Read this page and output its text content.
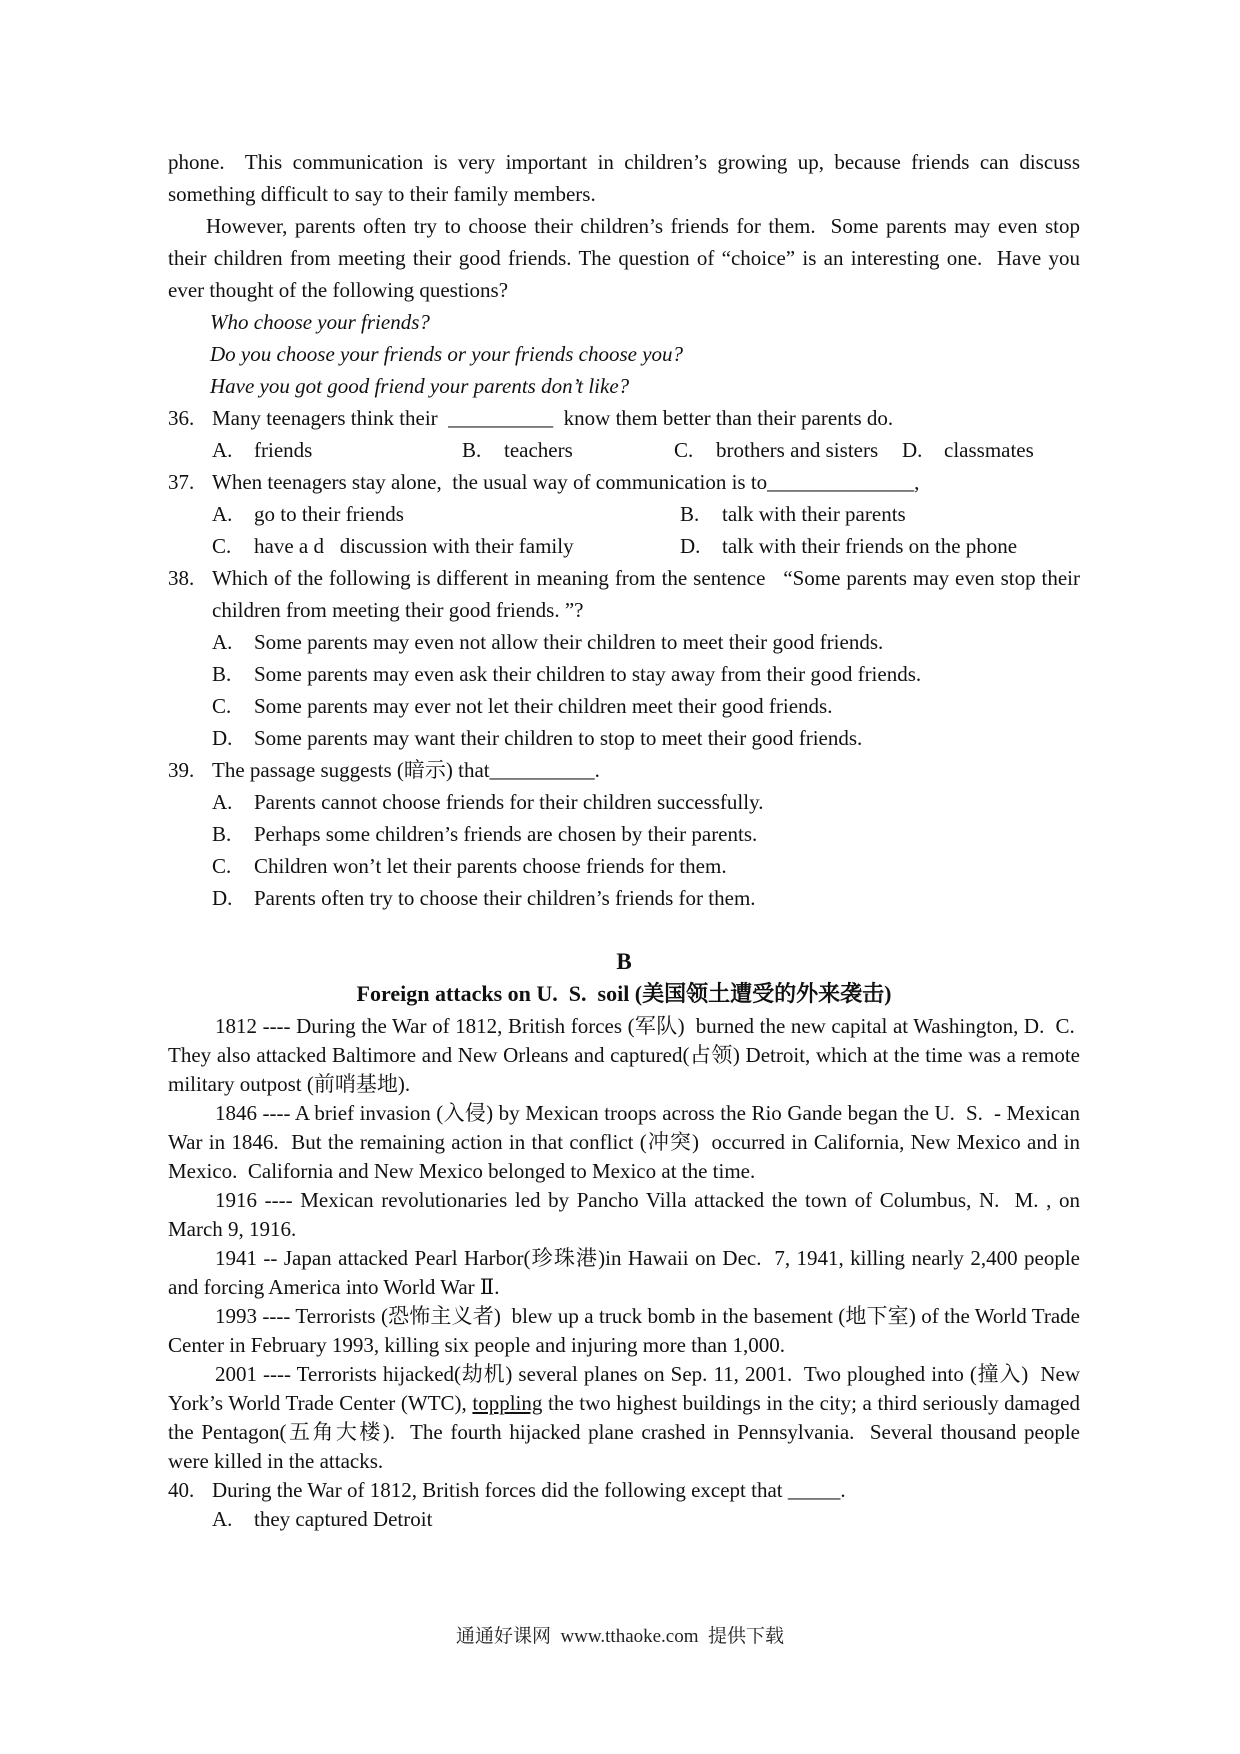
phone.  This communication is very important in children’s growing up, because friends can discuss something difficult to say to their family members.

However, parents often try to choose their children’s friends for them.  Some parents may even stop their children from meeting their good friends. The question of “choice” is an interesting one.  Have you ever thought of the following questions?

Who choose your friends?
Do you choose your friends or your friends choose you?
Have you got good friend your parents don’t like?
36. Many teenagers think their  __________  know them better than their parents do.
A. friends	B. teachers	C. brothers and sisters	D. classmates
37. When teenagers stay alone,  the usual way of communication is to______________,
A. go to their friends	B. talk with their parents
C. have a d   discussion with their family	D. talk with their friends on the phone
38. Which of the following is different in meaning from the sentence   “Some parents may even stop their children from meeting their good friends. ”?
A.	Some parents may even not allow their children to meet their good friends.
B.	Some parents may even ask their children to stay away from their good friends.
C.	Some parents may ever not let their children meet their good friends.
D.	Some parents may want their children to stop to meet their good friends.
39. The passage suggests (暗示) that__________.
A.	Parents cannot choose friends for their children successfully.
B.	Perhaps some children’s friends are chosen by their parents.
C.	Children won’t let their parents choose friends for them.
D.	Parents often try to choose their children’s friends for them.
B
Foreign attacks on U.  S.  soil (美国领土遭受的外来袭击)

1812 ---- During the War of 1812, British forces (军队)  burned the new capital at Washington, D.  C.  They also attacked Baltimore and New Orleans and captured(占领) Detroit, which at the time was a remote military outpost (前哨基地).

1846 ---- A brief invasion (入侵) by Mexican troops across the Rio Gande began the U.  S.  - Mexican War in 1846.  But the remaining action in that conflict (冲突)  occurred in California, New Mexico and in Mexico.  California and New Mexico belonged to Mexico at the time.

1916 ---- Mexican revolutionaries led by Pancho Villa attacked the town of Columbus, N.  M. , on March 9, 1916.

1941 -- Japan attacked Pearl Harbor(珍珠港)in Hawaii on Dec.  7, 1941, killing nearly 2,400 people and forcing America into World War Ⅱ.

1993 ---- Terrorists (恐怖主义者)  blew up a truck bomb in the basement (地下室) of the World Trade Center in February 1993, killing six people and injuring more than 1,000.

2001 ---- Terrorists hijacked(劫机) several planes on Sep. 11, 2001.  Two ploughed into (撞入)  New York’s World Trade Center (WTC), toppling the two highest buildings in the city; a third seriously damaged the Pentagon(五角大楼).  The fourth hijacked plane crashed in Pennsylvania.  Several thousand people were killed in the attacks.

40. During the War of 1812, British forces did the following except that _____.
A.	they captured Detroit
通通好课网  www.tthaoke.com  提供下载
